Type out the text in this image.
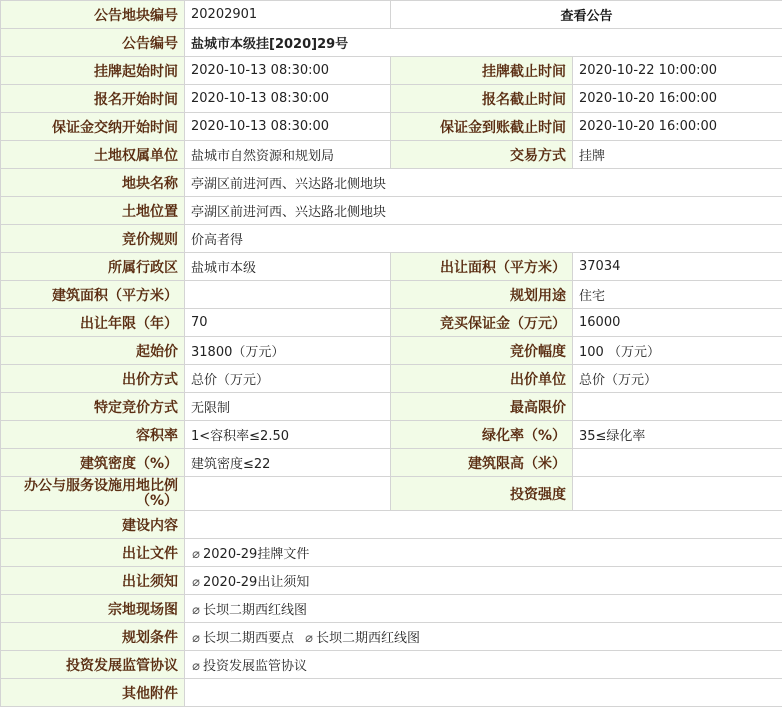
公告地块编号	20202901	查看公告	
公告编号	盐城市本级挂[2020]29号		
挂牌起始时间	2020-10-13 08:30:00	挂牌截止时间	2020-10-22 10:00:00
报名开始时间	2020-10-13 08:30:00	报名截止时间	2020-10-20 16:00:00
保证金交纳开始时间	2020-10-13 08:30:00	保证金到账截止时间	2020-10-20 16:00:00
土地权属单位	盐城市自然资源和规划局	交易方式	挂牌
地块名称	亭湖区前进河西、兴达路北侧地块		
土地位置	亭湖区前进河西、兴达路北侧地块		
竞价规则	价高者得		
所属行政区	盐城市本级	出让面积（平方米）	37034
建筑面积（平方米）		规划用途	住宅
出让年限（年）	70	竞买保证金（万元）	16000
起始价	31800（万元）	竞价幅度	100 （万元）
出价方式	总价（万元）	出价单位	总价（万元）
特定竞价方式	无限制	最高限价	
容积率	1<容积率≤2.50	绿化率（%）	35≤绿化率
建筑密度（%）	建筑密度≤22	建筑限高（米）	
办公与服务设施用地比例（%）		投资强度	
建设内容			
出让文件	⌀ 2020-29挂牌文件		
出让须知	⌀ 2020-29出让须知		
宗地现场图	⌀ 长坝二期西红线图		
规划条件	⌀ 长坝二期西要点 ⌀ 长坝二期西红线图		
投资发展监管协议	⌀ 投资发展监管协议		
其他附件			
